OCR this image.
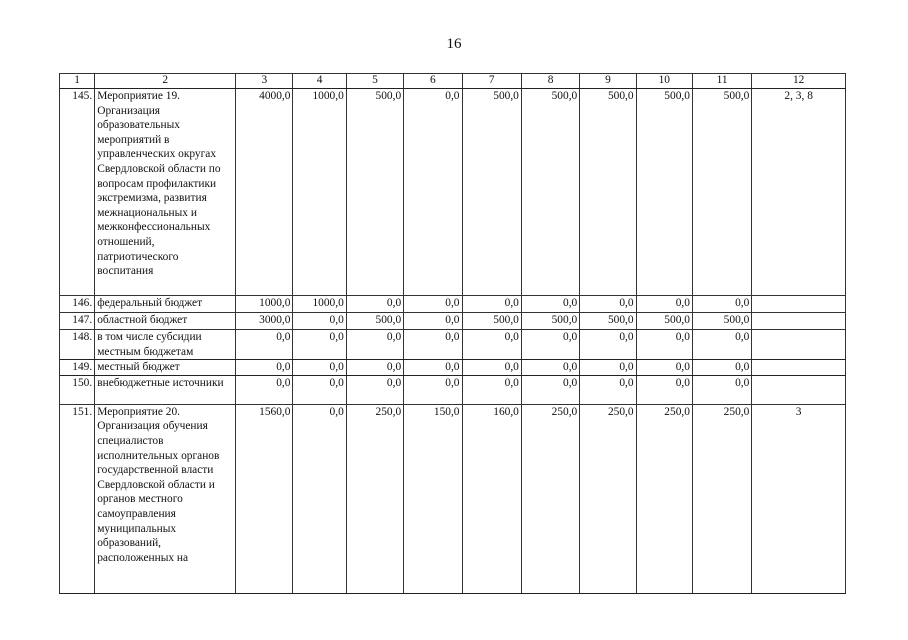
16
1	2	3	4	5	6	7	8	9	10	11	12
145.	Мероприятие 19. Организация образовательных мероприятий в управленческих округах Свердловской области по вопросам профилактики экстремизма, развития межнациональных и межконфессиональных отношений, патриотического воспитания	4000,0	1000,0	500,0	0,0	500,0	500,0	500,0	500,0	500,0	2, 3, 8
146.	федеральный бюджет	1000,0	1000,0	0,0	0,0	0,0	0,0	0,0	0,0	0,0	
147.	областной бюджет	3000,0	0,0	500,0	0,0	500,0	500,0	500,0	500,0	500,0	
148.	в том числе субсидии местным бюджетам	0,0	0,0	0,0	0,0	0,0	0,0	0,0	0,0	0,0	
149.	местный бюджет	0,0	0,0	0,0	0,0	0,0	0,0	0,0	0,0	0,0	
150.	внебюджетные источники	0,0	0,0	0,0	0,0	0,0	0,0	0,0	0,0	0,0	
151.	Мероприятие 20. Организация обучения специалистов исполнительных органов государственной власти Свердловской области и органов местного самоуправления муниципальных образований, расположенных на	1560,0	0,0	250,0	150,0	160,0	250,0	250,0	250,0	250,0	3
